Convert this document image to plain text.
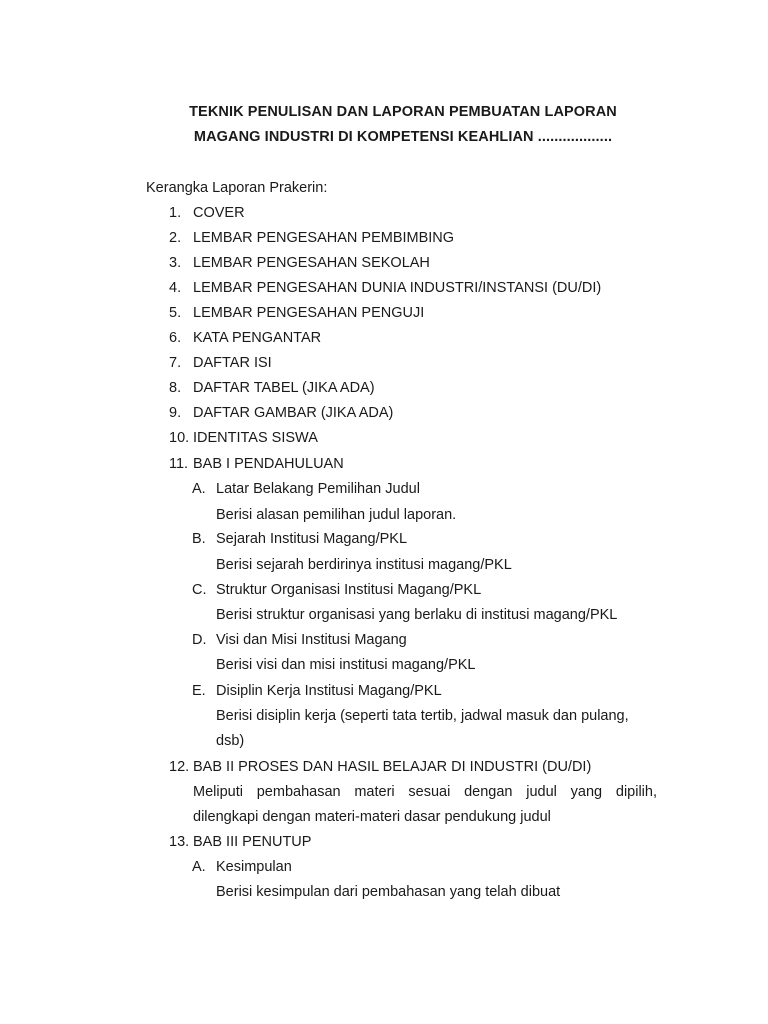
TEKNIK PENULISAN DAN LAPORAN PEMBUATAN LAPORAN
MAGANG INDUSTRI DI KOMPETENSI KEAHLIAN ..................
Kerangka Laporan Prakerin:
1. COVER
2. LEMBAR PENGESAHAN PEMBIMBING
3. LEMBAR PENGESAHAN SEKOLAH
4. LEMBAR PENGESAHAN DUNIA INDUSTRI/INSTANSI (DU/DI)
5. LEMBAR PENGESAHAN PENGUJI
6. KATA PENGANTAR
7. DAFTAR ISI
8. DAFTAR TABEL (JIKA ADA)
9. DAFTAR GAMBAR (JIKA ADA)
10. IDENTITAS SISWA
11. BAB I PENDAHULUAN
A. Latar Belakang Pemilihan Judul
Berisi alasan pemilihan judul laporan.
B. Sejarah Institusi Magang/PKL
Berisi sejarah berdirinya institusi magang/PKL
C. Struktur Organisasi Institusi Magang/PKL
Berisi struktur organisasi yang berlaku di institusi magang/PKL
D. Visi dan Misi Institusi Magang
Berisi visi dan misi institusi magang/PKL
E. Disiplin Kerja Institusi Magang/PKL
Berisi disiplin kerja (seperti tata tertib, jadwal masuk dan pulang,
dsb)
12. BAB II PROSES DAN HASIL BELAJAR DI INDUSTRI (DU/DI)
Meliputi pembahasan materi sesuai dengan judul yang dipilih,
dilengkapi dengan materi-materi dasar pendukung judul
13. BAB III PENUTUP
A. Kesimpulan
Berisi kesimpulan dari pembahasan yang telah dibuat
